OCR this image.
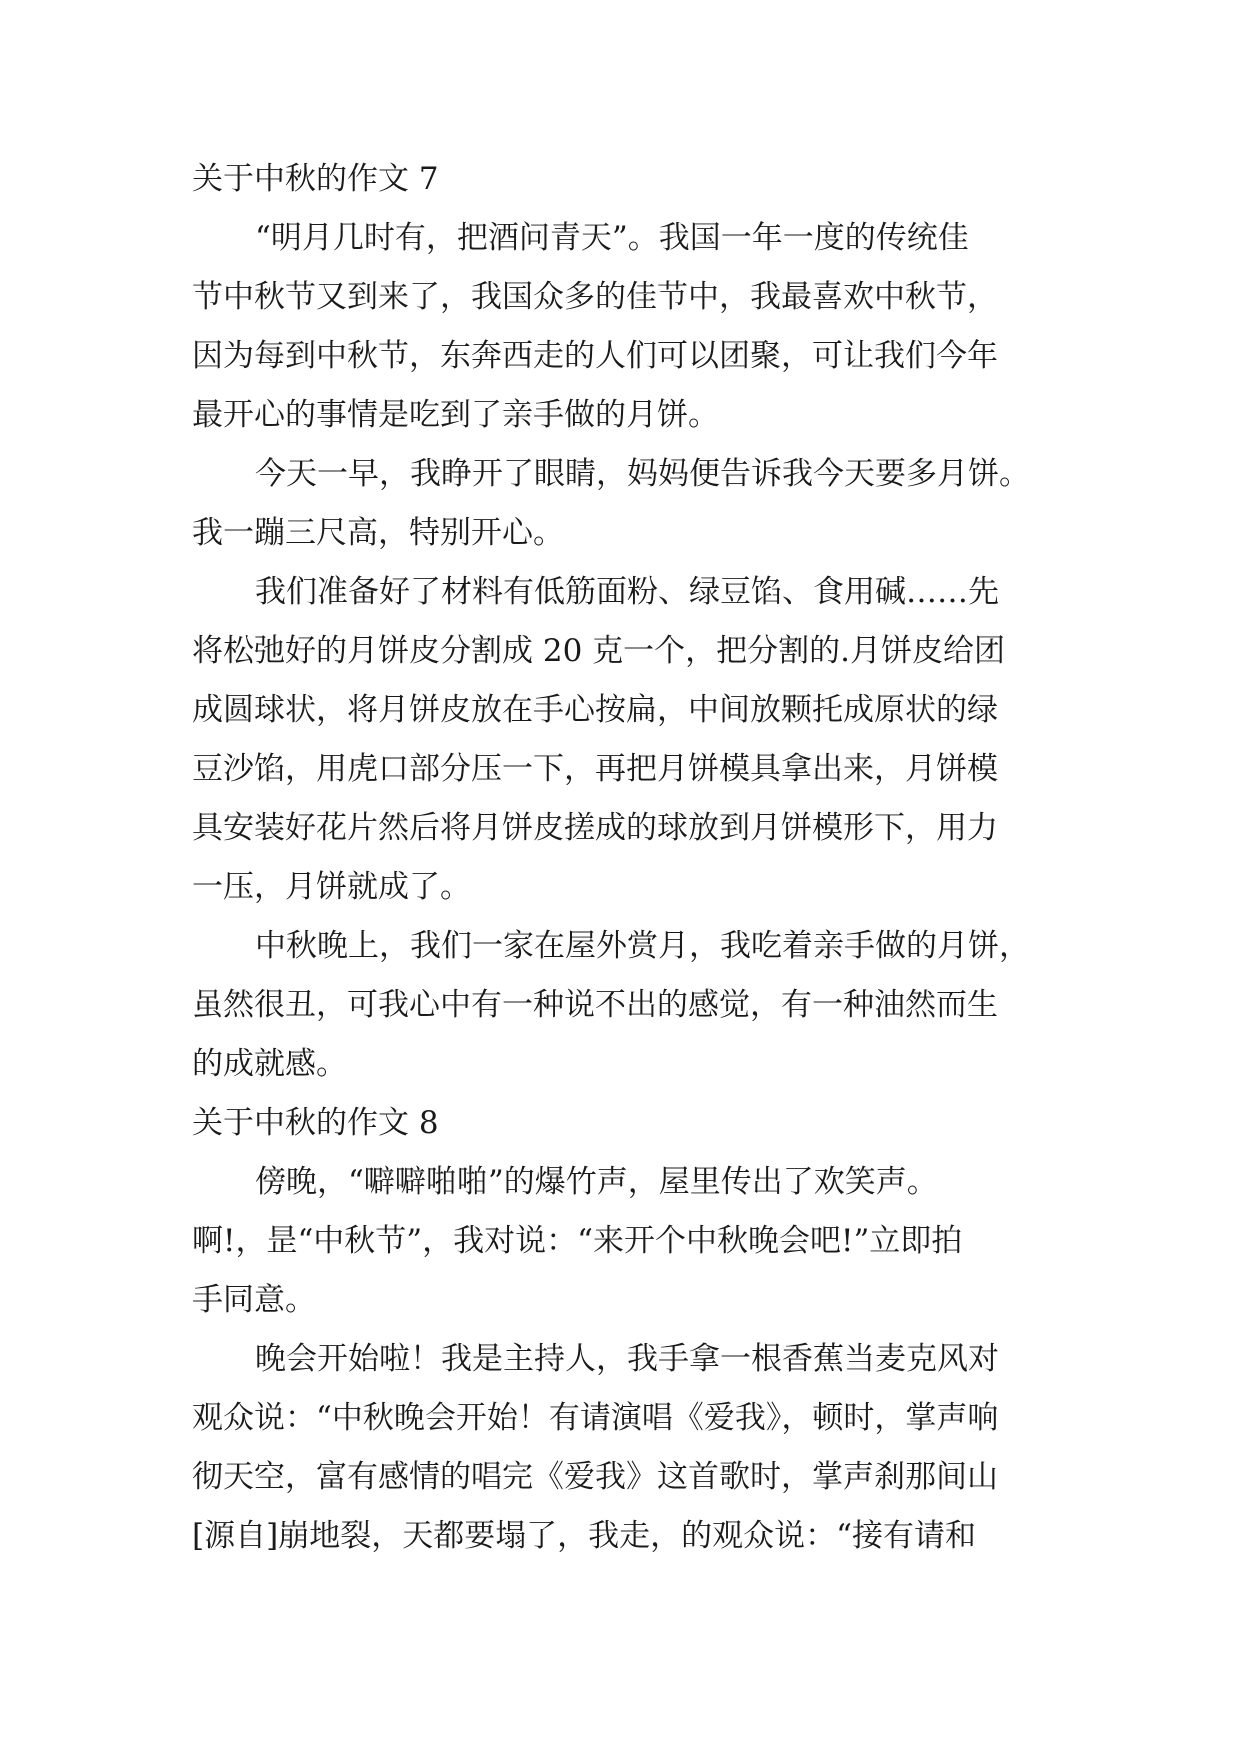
关于中秋的作文 7
“明月几时有，把酒问青天”。我国一年一度的传统佳
节中秋节又到来了，我国众多的佳节中，我最喜欢中秋节，
因为每到中秋节，东奔西走的人们可以团聚，可让我们今年
最开心的事情是吃到了亲手做的月饼。
今天一早，我睁开了眼睛，妈妈便告诉我今天要多月饼。
我一蹦三尺高，特别开心。
我们准备好了材料有低筋面粉、绿豆馅、食用碱……先
将松弛好的月饼皮分割成 20 克一个，把分割的.月饼皮给团
成圆球状，将月饼皮放在手心按扁，中间放颗托成原状的绿
豆沙馅，用虎口部分压一下，再把月饼模具拿出来，月饼模
具安装好花片然后将月饼皮搓成的球放到月饼模形下，用力
一压，月饼就成了。
中秋晚上，我们一家在屋外赏月，我吃着亲手做的月饼，
虽然很丑，可我心中有一种说不出的感觉，有一种油然而生
的成就感。
关于中秋的作文 8
傍晚，“噼噼啪啪”的爆竹声，屋里传出了欢笑声。
啊!，昰“中秋节”，我对说：“来开个中秋晚会吧!”立即拍
手同意。
晚会开始啦！我是主持人，我手拿一根香蕉当麦克风对
观众说：“中秋晚会开始！有请演唱《爱我》，顿时，掌声响
彻天空，富有感情的唱完《爱我》这首歌时，掌声刹那间山
[源自]崩地裂，天都要塌了，我走，的观众说：“接有请和
